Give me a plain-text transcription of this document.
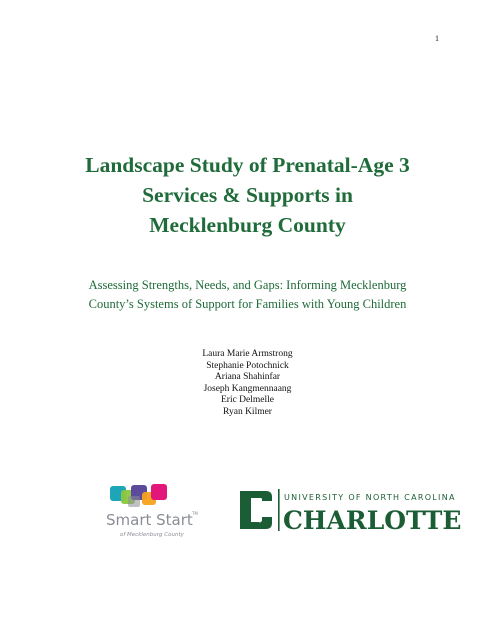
1
Landscape Study of Prenatal-Age 3
Services & Supports in
Mecklenburg County
Assessing Strengths, Needs, and Gaps: Informing Mecklenburg
County’s Systems of Support for Families with Young Children
Laura Marie Armstrong
Stephanie Potochnick
Ariana Shahinfar
Joseph Kangmennaang
Eric Delmelle
Ryan Kilmer
Smart Start TM
of Mecklenburg County
UNIVERSITY OF NORTH CAROLINA
CHARLOTTE
